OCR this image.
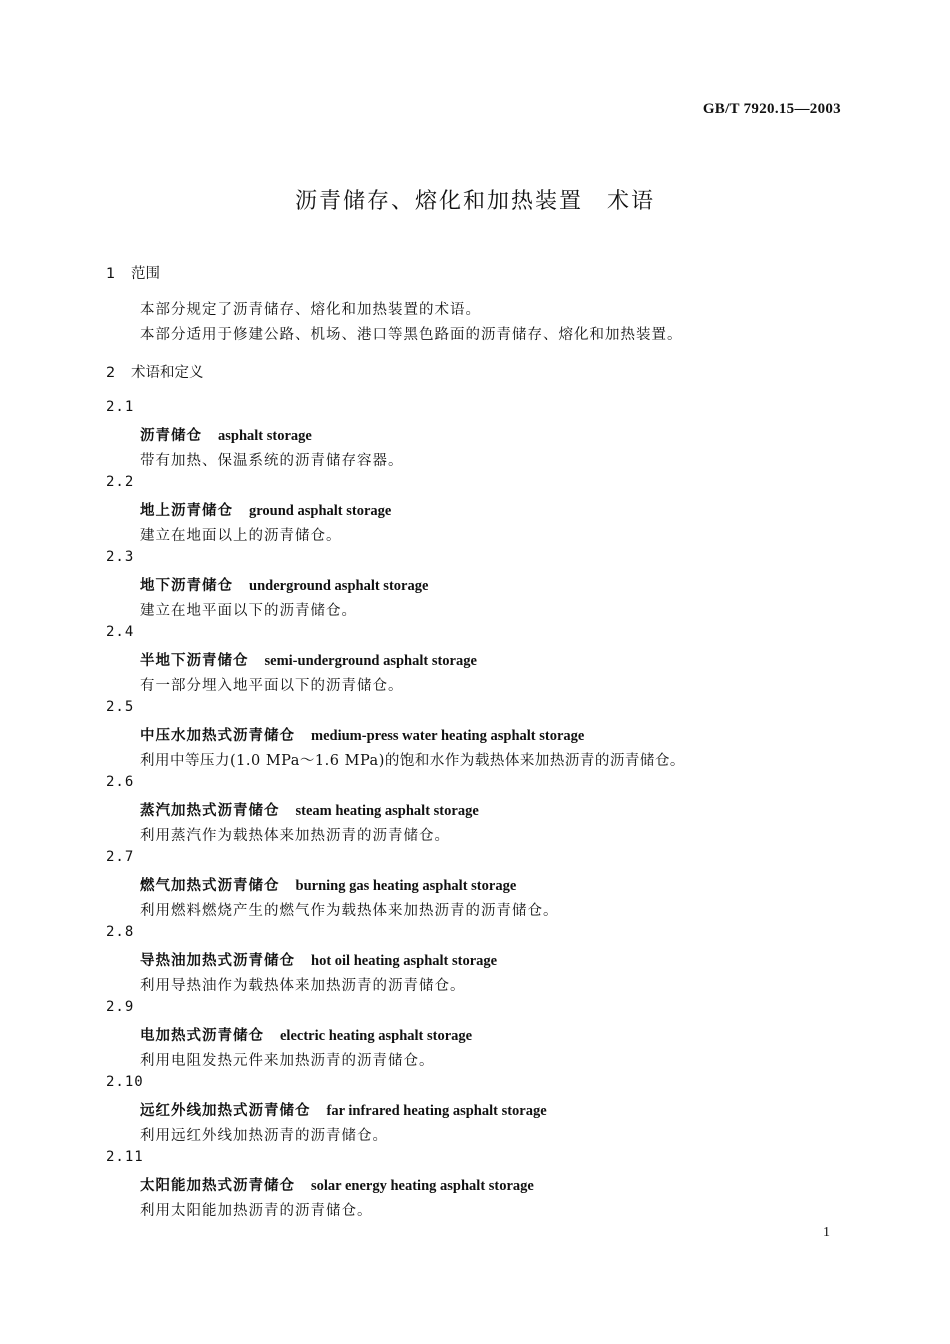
GB/T 7920.15—2003
沥青储存、熔化和加热装置　术语
1 范围
本部分规定了沥青储存、熔化和加热装置的术语。
本部分适用于修建公路、机场、港口等黑色路面的沥青储存、熔化和加热装置。
2 术语和定义
2.1
沥青储仓 asphalt storage
带有加热、保温系统的沥青储存容器。
2.2
地上沥青储仓 ground asphalt storage
建立在地面以上的沥青储仓。
2.3
地下沥青储仓 underground asphalt storage
建立在地平面以下的沥青储仓。
2.4
半地下沥青储仓 semi-underground asphalt storage
有一部分埋入地平面以下的沥青储仓。
2.5
中压水加热式沥青储仓 medium-press water heating asphalt storage
利用中等压力(1.0 MPa～1.6 MPa)的饱和水作为载热体来加热沥青的沥青储仓。
2.6
蒸汽加热式沥青储仓 steam heating asphalt storage
利用蒸汽作为载热体来加热沥青的沥青储仓。
2.7
燃气加热式沥青储仓 burning gas heating asphalt storage
利用燃料燃烧产生的燃气作为载热体来加热沥青的沥青储仓。
2.8
导热油加热式沥青储仓 hot oil heating asphalt storage
利用导热油作为载热体来加热沥青的沥青储仓。
2.9
电加热式沥青储仓 electric heating asphalt storage
利用电阻发热元件来加热沥青的沥青储仓。
2.10
远红外线加热式沥青储仓 far infrared heating asphalt storage
利用远红外线加热沥青的沥青储仓。
2.11
太阳能加热式沥青储仓 solar energy heating asphalt storage
利用太阳能加热沥青的沥青储仓。
1
